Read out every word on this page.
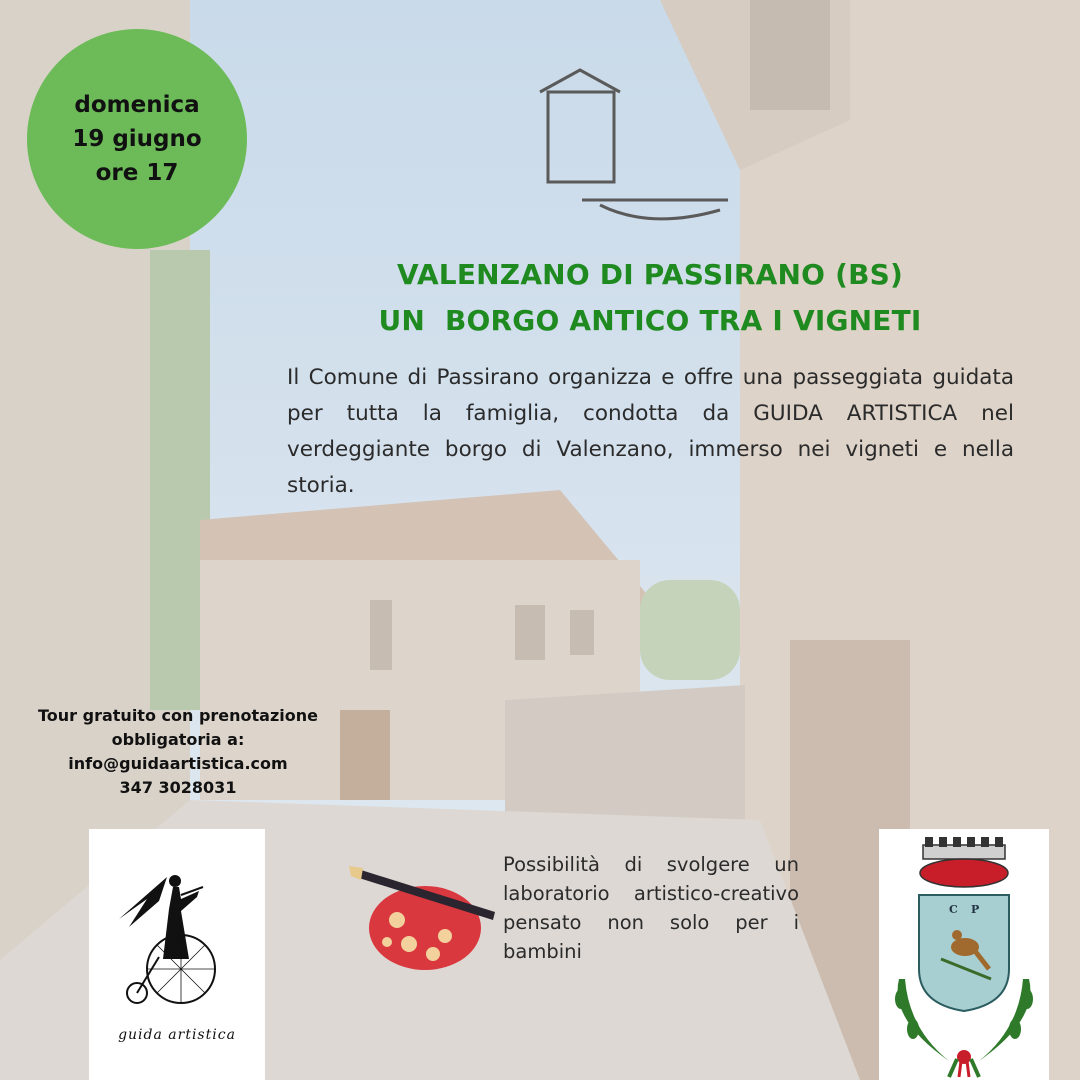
domenica
19 giugno
ore 17
VALENZANO DI PASSIRANO (BS)
UN  BORGO ANTICO TRA I VIGNETI
Il Comune di Passirano organizza e offre una passeggiata guidata per tutta la famiglia, condotta da GUIDA ARTISTICA nel verdeggiante borgo di Valenzano, immerso nei vigneti e nella storia.
Tour gratuito con prenotazione
obbligatoria a:
info@guidaartistica.com
347 3028031
guida artistica
Possibilità di svolgere un laboratorio artistico-creativo pensato non solo per i bambini
C P
